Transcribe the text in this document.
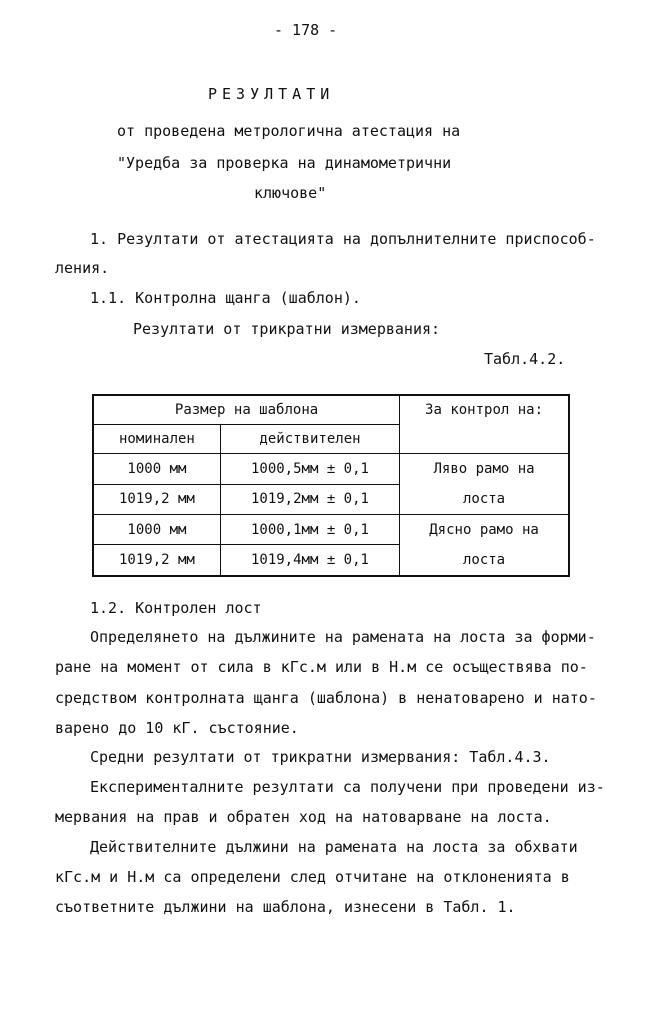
- 178 -
РЕЗУЛТАТИ
от проведена метрологична атестация на
"Уредба за проверка на динамометрични
ключове"
1. Резултати от атестацията на допълнителните приспособ-
ления.
1.1. Контролна щанга (шаблон).
Резултати от трикратни измервания:
Табл.4.2.
Размер на шаблона		За контрол на:
номинален	действителен	
1000 мм	1000,5мм ± 0,1	Ляво рамо на
лоста

1019,2 мм	1019,2мм ± 0,1	
1000 мм	1000,1мм ± 0,1	Дясно рамо на
лоста

1019,2 мм	1019,4мм ± 0,1	
1.2. Контролен лост
Определянето на дължините на рамената на лоста за форми-
ране на момент от сила в кГс.м или в Н.м се осъществява по-
средством контролната щанга (шаблона) в ненатоварено и нато-
варено до 10 кГ. състояние.
Средни резултати от трикратни измервания: Табл.4.3.
Експерименталните резултати са получени при проведени из-
мервания на прав и обратен ход на натоварване на лоста.
Действителните дължини на рамената на лоста за обхвати
кГс.м и Н.м са определени след отчитане на отклоненията в
съответните дължини на шаблона, изнесени в Табл. 1.
